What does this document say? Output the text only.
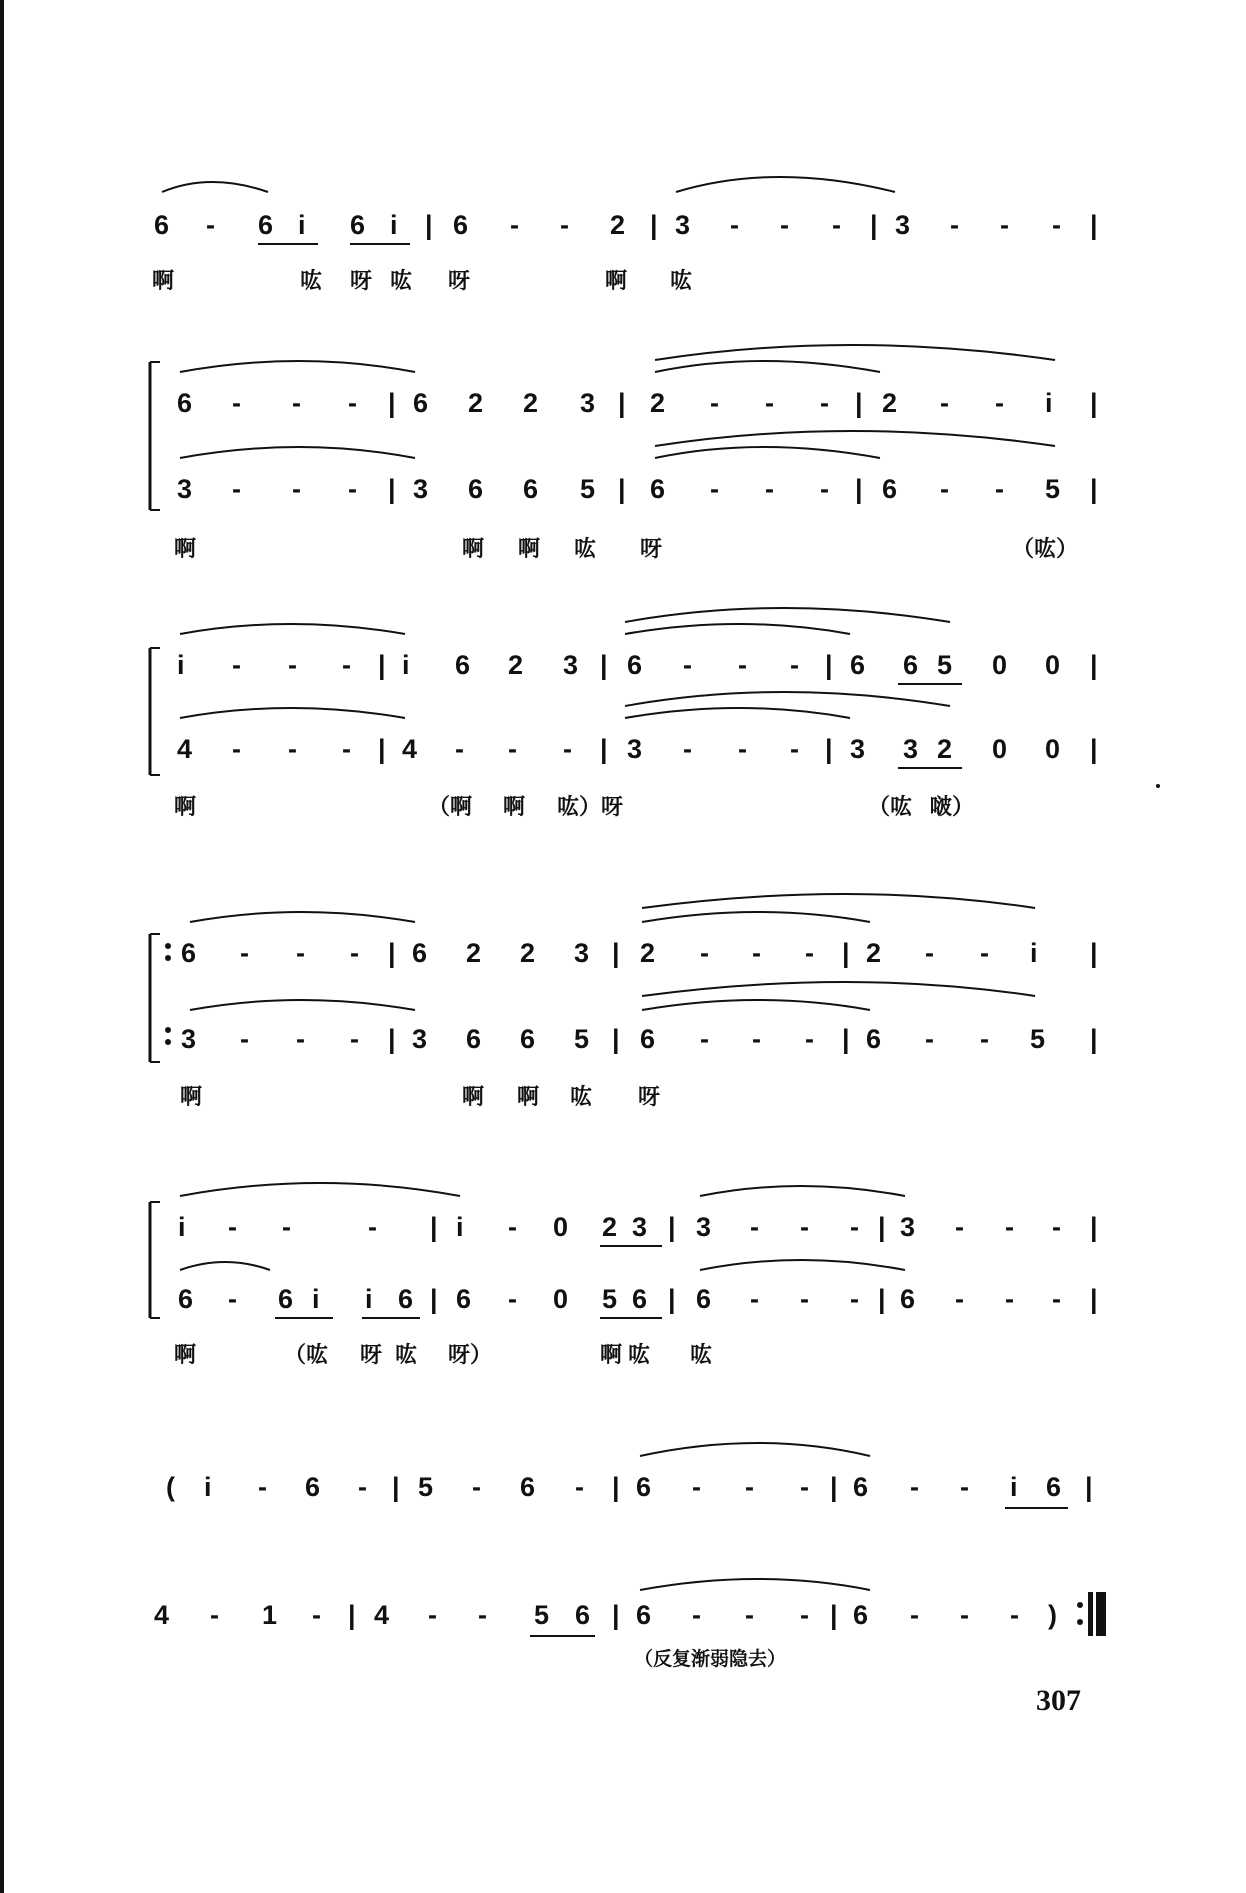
6 - 6 i 6 i | 6 - - 2 | 3 - - - | 3 - - - |
啊	吰 呀 吰 呀	啊 吰
6 - - - | 6 2 2 3 | 2 - - - | 2 - - i |
3 - - - | 3 6 6 5 | 6 - - - | 6 - - 5 |
啊	啊 啊 吰 呀	（吰）
i - - - | i 6 2 3 | 6 - - - | 6 6 5 0 0 |
4 - - - | 4 - - - | 3 - - - | 3 3 2 0 0 |
啊	（啊 啊 吰）呀	（吰 啵）
6 - - - | 6 2 2 3 | 2 - - - | 2 - - i |
3 - - - | 3 6 6 5 | 6 - - - | 6 - - 5 |
啊	啊 啊 吰 呀
i - -	- | i - 0 2 3 | 3 - - - | 3 - - - |
6 - 6 i i 6 | 6 - 0 5 6 | 6 - - - | 6 - - - |
啊	（吰 呀 吰 呀）	啊 吰 吰
( i - 6 - | 5 - 6 - | 6 - - - | 6 - - i 6 |
4 - 1 - | 4 - - 5 6 | 6 - - - | 6 - - - )
（反复渐弱隐去）
307
